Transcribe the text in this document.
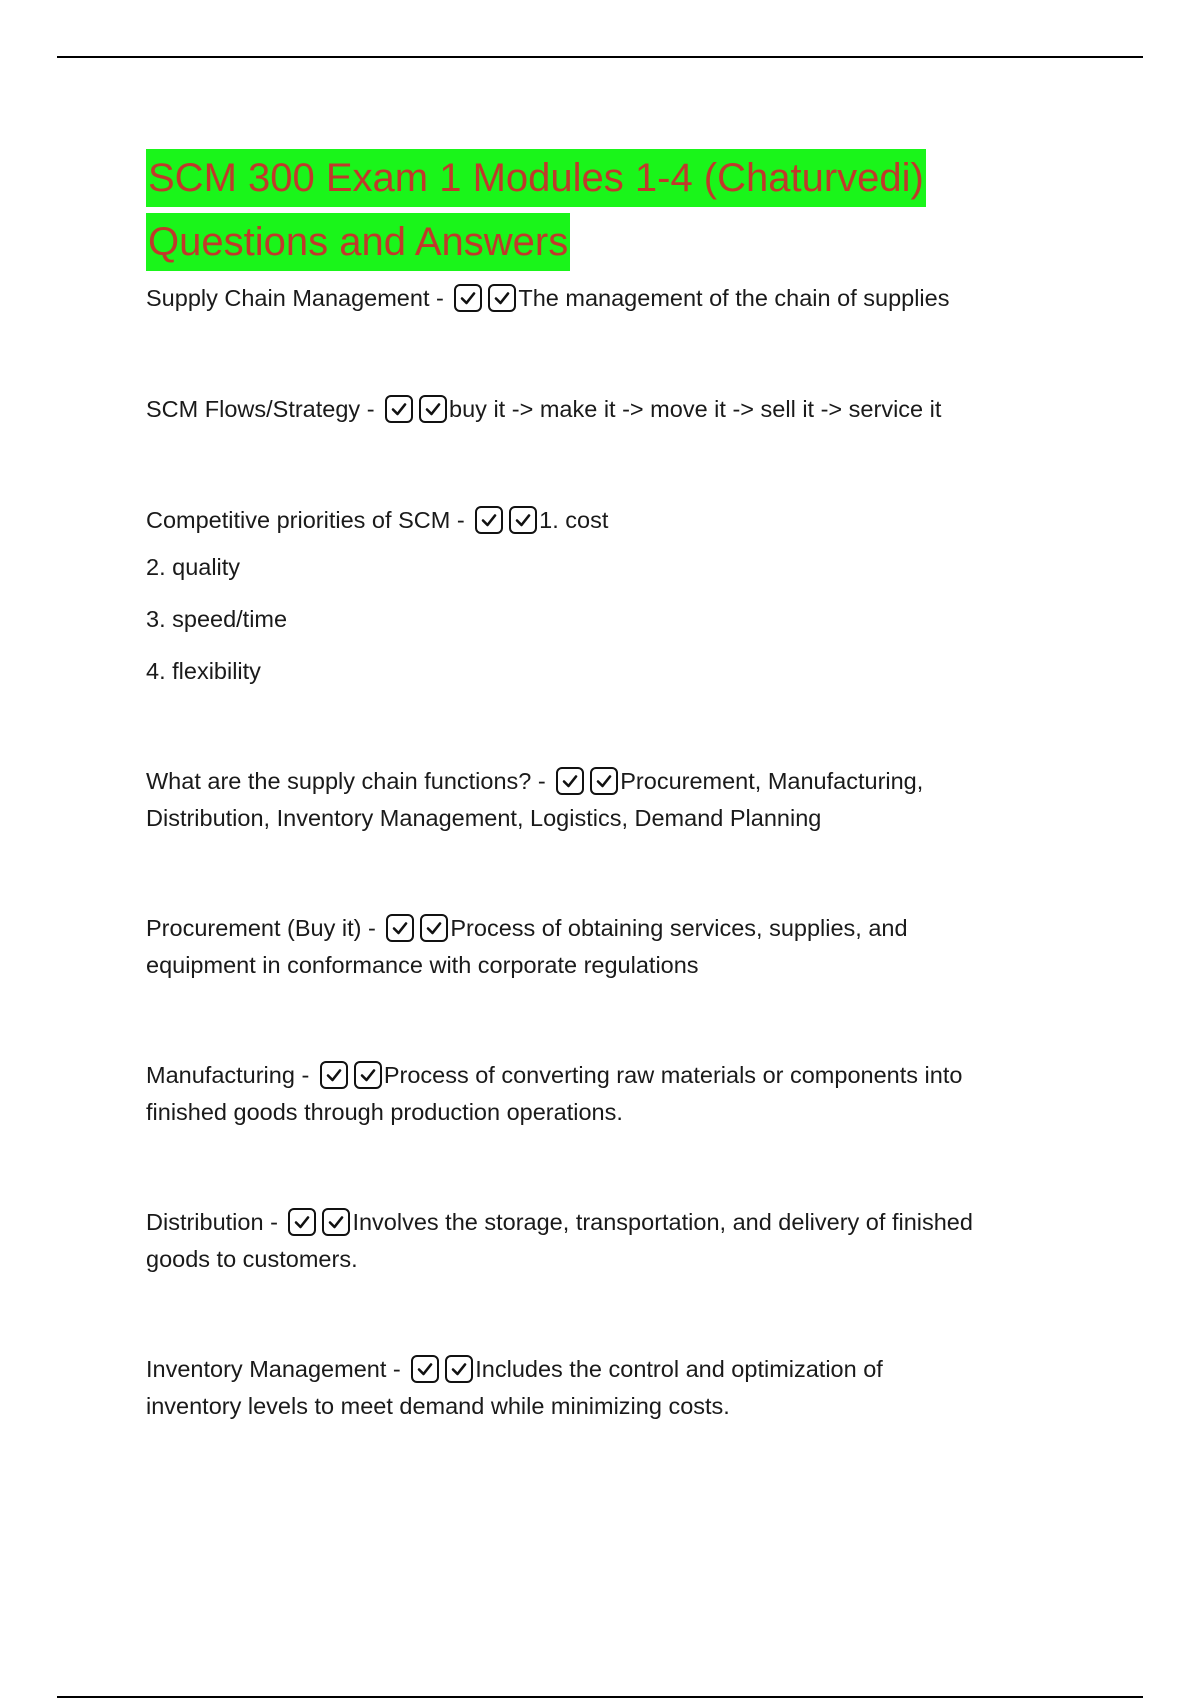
SCM 300 Exam 1 Modules 1-4 (Chaturvedi)
Questions and Answers
Supply Chain Management -	The management of the chain of supplies
SCM Flows/Strategy -	buy it -> make it -> move it -> sell it -> service it
Competitive priorities of SCM -	1. cost
2. quality
3. speed/time
4. flexibility
What are the supply chain functions? -	Procurement, Manufacturing,
Distribution, Inventory Management, Logistics, Demand Planning
Procurement (Buy it) -	Process of obtaining services, supplies, and
equipment in conformance with corporate regulations
Manufacturing -	Process of converting raw materials or components into
finished goods through production operations.
Distribution -	Involves the storage, transportation, and delivery of finished
goods to customers.
Inventory Management -	Includes the control and optimization of
inventory levels to meet demand while minimizing costs.
